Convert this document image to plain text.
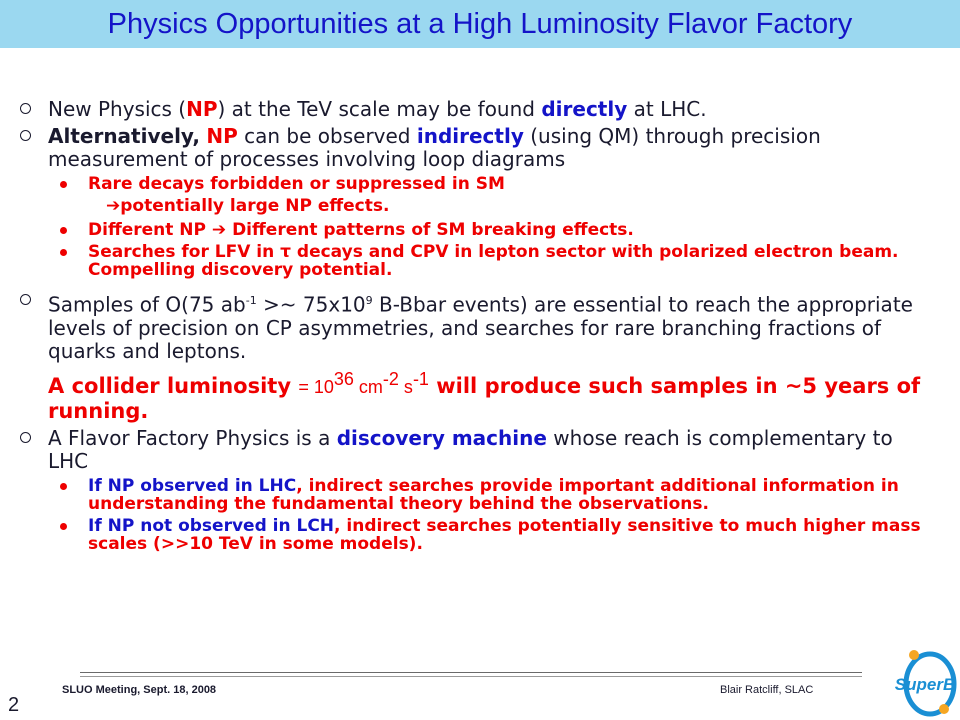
Physics Opportunities at a High Luminosity Flavor Factory
New Physics (NP) at the TeV scale may be found directly at LHC.
Alternatively, NP can be observed indirectly (using QM) through precision measurement of processes involving loop diagrams
Rare decays forbidden or suppressed in SM
➔potentially large NP effects.
Different NP ➔ Different patterns of SM breaking effects.
Searches for LFV in τ decays and CPV in lepton sector with polarized electron beam. Compelling discovery potential.
Samples of O(75 $ab^{-1}$ >~ $75x10^9$ B-Bbar events) are essential to reach the appropriate levels of precision on CP asymmetries, and searches for rare branching fractions of quarks and leptons.
A collider luminosity = $10^{36}$ $cm^{-2}$ $s^{-1}$ will produce such samples in ~5 years of running.
A Flavor Factory Physics is a discovery machine whose reach is complementary to LHC
If NP observed in LHC, indirect searches provide important additional information in understanding the fundamental theory behind the observations.
If NP not observed in LCH, indirect searches potentially sensitive to much higher mass scales (>>10 TeV in some models).
SLUO Meeting, Sept. 18, 2008	Blair Ratcliff, SLAC
2
SuperB
